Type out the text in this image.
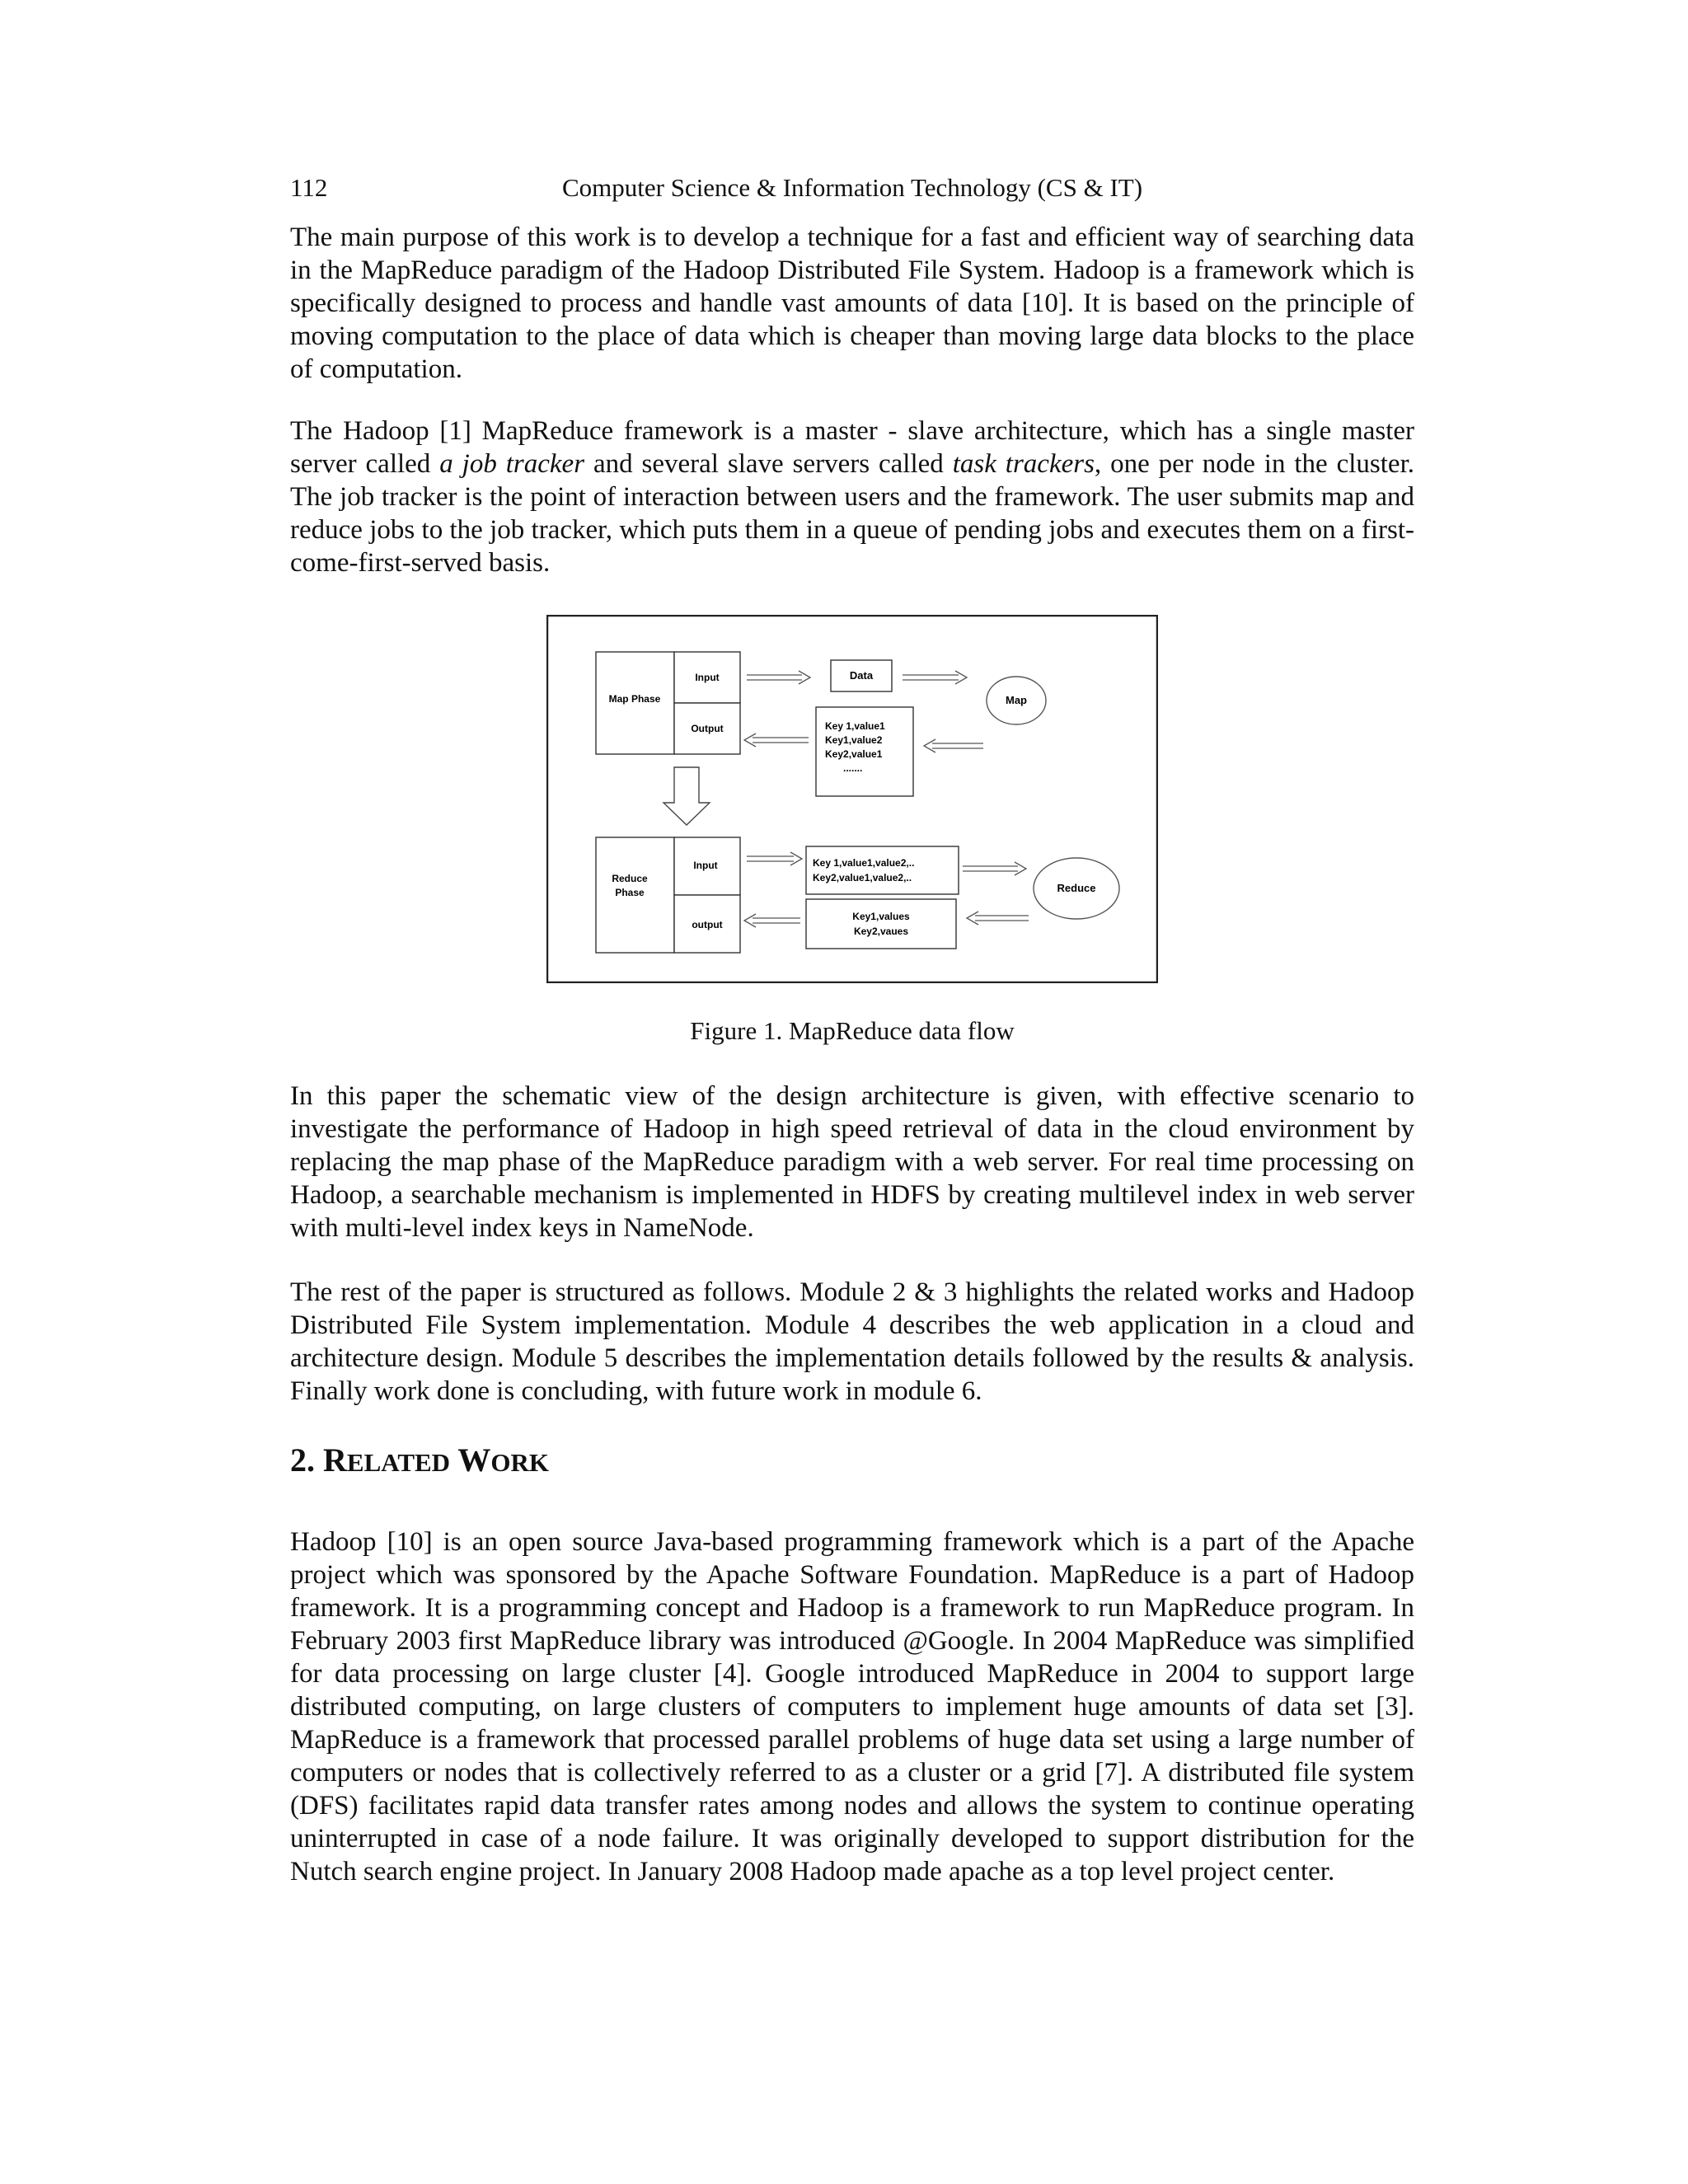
112	Computer Science & Information Technology (CS & IT)

The main purpose of this work is to develop a technique for a fast and efficient way of searching data in the MapReduce paradigm of the Hadoop Distributed File System. Hadoop is a framework which is specifically designed to process and handle vast amounts of data [10]. It is based on the principle of moving computation to the place of data which is cheaper than moving large data blocks to the place of computation.

The Hadoop [1] MapReduce framework is a master - slave architecture, which has a single master server called a job tracker and several slave servers called task trackers, one per node in the cluster. The job tracker is the point of interaction between users and the framework. The user submits map and reduce jobs to the job tracker, which puts them in a queue of pending jobs and executes them on a first-come-first-served basis.

Map Phase
Input
Output
Data
Map
Key 1,value1
Key1,value2
Key2,value1
.......
Reduce
Phase
Input
output
Key 1,value1,value2,..
Key2,value1,value2,..
Key1,values
Key2,vaues
Reduce

Figure 1. MapReduce data flow

In this paper the schematic view of the design architecture is given, with effective scenario to investigate the performance of Hadoop in high speed retrieval of data in the cloud environment by replacing the map phase of the MapReduce paradigm with a web server. For real time processing on Hadoop, a searchable mechanism is implemented in HDFS by creating multilevel index in web server with multi-level index keys in NameNode.

The rest of the paper is structured as follows. Module 2 & 3 highlights the related works and Hadoop Distributed File System implementation. Module 4 describes the web application in a cloud and architecture design. Module 5 describes the implementation details followed by the results & analysis. Finally work done is concluding, with future work in module 6.

2. RELATED WORK

Hadoop [10] is an open source Java-based programming framework which is a part of the Apache project which was sponsored by the Apache Software Foundation. MapReduce is a part of Hadoop framework. It is a programming concept and Hadoop is a framework to run MapReduce program. In February 2003 first MapReduce library was introduced @Google. In 2004 MapReduce was simplified for data processing on large cluster [4]. Google introduced MapReduce in 2004 to support large distributed computing, on large clusters of computers to implement huge amounts of data set [3]. MapReduce is a framework that processed parallel problems of huge data set using a large number of computers or nodes that is collectively referred to as a cluster or a grid [7]. A distributed file system (DFS) facilitates rapid data transfer rates among nodes and allows the system to continue operating uninterrupted in case of a node failure. It was originally developed to support distribution for the Nutch search engine project. In January 2008 Hadoop made apache as a top level project center.
